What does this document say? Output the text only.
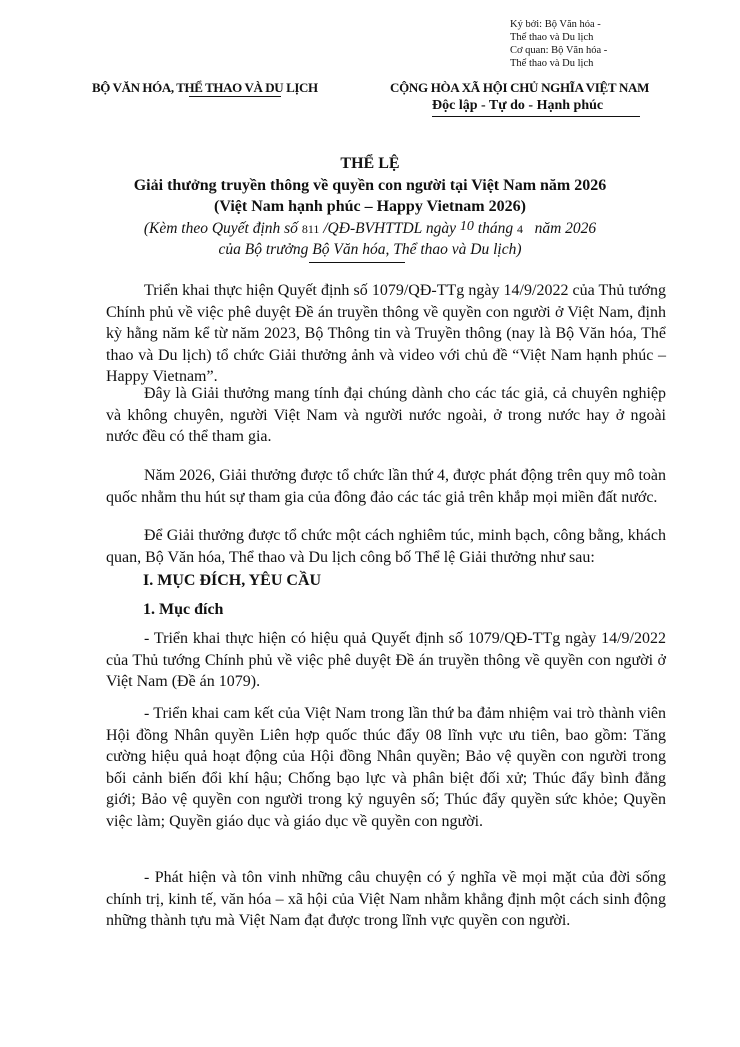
Ký bởi: Bộ Văn hóa -
Thể thao và Du lịch
Cơ quan: Bộ Văn hóa -
Thể thao và Du lịch
BỘ VĂN HÓA, THỂ THAO VÀ DU LỊCH	CỘNG HÒA XÃ HỘI CHỦ NGHĨA VIỆT NAM
Độc lập - Tự do - Hạnh phúc
THỂ LỆ
Giải thưởng truyền thông về quyền con người tại Việt Nam năm 2026
(Việt Nam hạnh phúc – Happy Vietnam 2026)
(Kèm theo Quyết định số 811 /QĐ-BVHTTDL ngày 10 tháng 4 năm 2026
của Bộ trưởng Bộ Văn hóa, Thể thao và Du lịch)

Triển khai thực hiện Quyết định số 1079/QĐ-TTg ngày 14/9/2022 của Thủ tướng Chính phủ về việc phê duyệt Đề án truyền thông về quyền con người ở Việt Nam, định kỳ hằng năm kể từ năm 2023, Bộ Thông tin và Truyền thông (nay là Bộ Văn hóa, Thể thao và Du lịch) tổ chức Giải thưởng ảnh và video với chủ đề “Việt Nam hạnh phúc – Happy Vietnam”.

Đây là Giải thưởng mang tính đại chúng dành cho các tác giả, cả chuyên nghiệp và không chuyên, người Việt Nam và người nước ngoài, ở trong nước hay ở ngoài nước đều có thể tham gia.

Năm 2026, Giải thưởng được tổ chức lần thứ 4, được phát động trên quy mô toàn quốc nhằm thu hút sự tham gia của đông đảo các tác giả trên khắp mọi miền đất nước.

Để Giải thưởng được tổ chức một cách nghiêm túc, minh bạch, công bằng, khách quan, Bộ Văn hóa, Thể thao và Du lịch công bố Thể lệ Giải thưởng như sau:

I. MỤC ĐÍCH, YÊU CẦU
1. Mục đích

- Triển khai thực hiện có hiệu quả Quyết định số 1079/QĐ-TTg ngày 14/9/2022 của Thủ tướng Chính phủ về việc phê duyệt Đề án truyền thông về quyền con người ở Việt Nam (Đề án 1079).

- Triển khai cam kết của Việt Nam trong lần thứ ba đảm nhiệm vai trò thành viên Hội đồng Nhân quyền Liên hợp quốc thúc đẩy 08 lĩnh vực ưu tiên, bao gồm: Tăng cường hiệu quả hoạt động của Hội đồng Nhân quyền; Bảo vệ quyền con người trong bối cảnh biến đổi khí hậu; Chống bạo lực và phân biệt đối xử; Thúc đẩy bình đẳng giới; Bảo vệ quyền con người trong kỷ nguyên số; Thúc đẩy quyền sức khỏe; Quyền việc làm; Quyền giáo dục và giáo dục về quyền con người.

- Phát hiện và tôn vinh những câu chuyện có ý nghĩa về mọi mặt của đời sống chính trị, kinh tế, văn hóa – xã hội của Việt Nam nhằm khẳng định một cách sinh động những thành tựu mà Việt Nam đạt được trong lĩnh vực quyền con người.
